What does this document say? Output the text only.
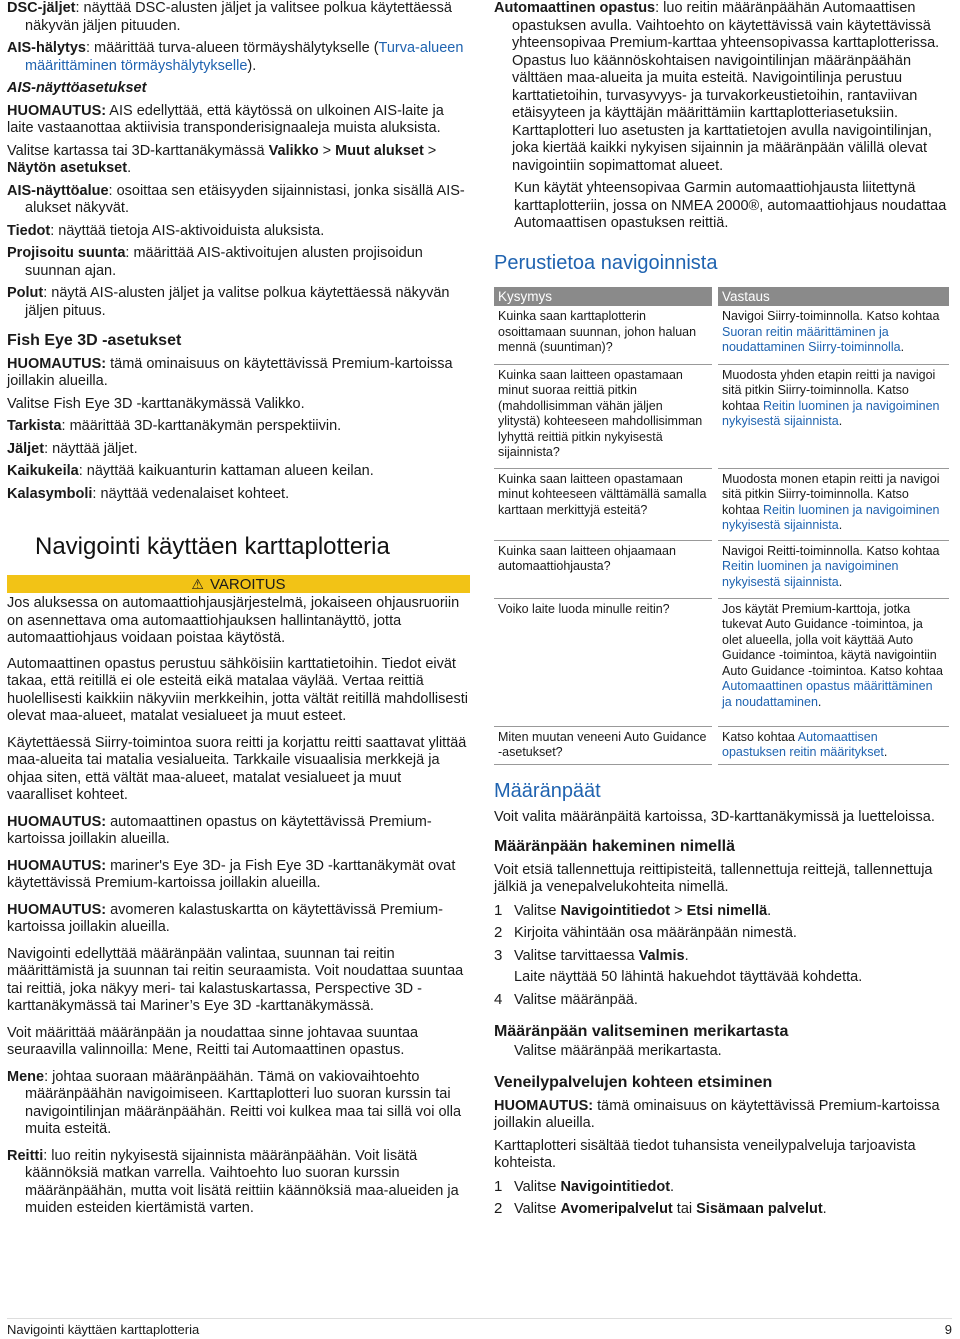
DSC-jäljet: näyttää DSC-alusten jäljet ja valitsee polkua käytettäessä näkyvän jäljen pituuden.

AIS-hälytys: määrittää turva-alueen törmäyshälytykselle (Turva-alueen määrittäminen törmäyshälytykselle).

AIS-näyttöasetukset

HUOMAUTUS: AIS edellyttää, että käytössä on ulkoinen AIS-laite ja laite vastaanottaa aktiivisia transponderisignaaleja muista aluksista.

Valitse kartassa tai 3D-karttanäkymässä Valikko > Muut alukset > Näytön asetukset.

AIS-näyttöalue: osoittaa sen etäisyyden sijainnistasi, jonka sisällä AIS-alukset näkyvät.

Tiedot: näyttää tietoja AIS-aktivoiduista aluksista.

Projisoitu suunta: määrittää AIS-aktivoitujen alusten projisoidun suunnan ajan.

Polut: näytä AIS-alusten jäljet ja valitse polkua käytettäessä näkyvän jäljen pituus.

Fish Eye 3D -asetukset

HUOMAUTUS: tämä ominaisuus on käytettävissä Premium-kartoissa joillakin alueilla.

Valitse Fish Eye 3D -karttanäkymässä Valikko.

Tarkista: määrittää 3D-karttanäkymän perspektiivin.

Jäljet: näyttää jäljet.

Kaikukeila: näyttää kaikuanturin kattaman alueen keilan.

Kalasymboli: näyttää vedenalaiset kohteet.

Navigointi käyttäen karttaplotteria
⚠ VAROITUS

Jos aluksessa on automaattiohjausjärjestelmä, jokaiseen ohjausruoriin on asennettava oma automaattiohjauksen hallintanäyttö, jotta automaattiohjaus voidaan poistaa käytöstä.

Automaattinen opastus perustuu sähköisiin karttatietoihin. Tiedot eivät takaa, että reitillä ei ole esteitä eikä matalaa väylää. Vertaa reittiä huolellisesti kaikkiin näkyviin merkkeihin, jotta vältät reitillä mahdollisesti olevat maa-alueet, matalat vesialueet ja muut esteet.

Käytettäessä Siirry-toimintoa suora reitti ja korjattu reitti saattavat ylittää maa-alueita tai matalia vesialueita. Tarkkaile visuaalisia merkkejä ja ohjaa siten, että vältät maa-alueet, matalat vesialueet ja muut vaaralliset kohteet.

HUOMAUTUS: automaattinen opastus on käytettävissä Premium-kartoissa joillakin alueilla.

HUOMAUTUS: mariner's Eye 3D- ja Fish Eye 3D -karttanäkymät ovat käytettävissä Premium-kartoissa joillakin alueilla.

HUOMAUTUS: avomeren kalastuskartta on käytettävissä Premium-kartoissa joillakin alueilla.

Navigointi edellyttää määränpään valintaa, suunnan tai reitin määrittämistä ja suunnan tai reitin seuraamista. Voit noudattaa suuntaa tai reittiä, joka näkyy meri- tai kalastuskartassa, Perspective 3D -karttanäkymässä tai Mariner’s Eye 3D -karttanäkymässä.

Voit määrittää määränpään ja noudattaa sinne johtavaa suuntaa seuraavilla valinnoilla: Mene, Reitti tai Automaattinen opastus.

Mene: johtaa suoraan määränpäähän. Tämä on vakiovaihtoehto määränpäähän navigoimiseen. Karttaplotteri luo suoran kurssin tai navigointilinjan määränpäähän. Reitti voi kulkea maa tai sillä voi olla muita esteitä.

Reitti: luo reitin nykyisestä sijainnista määränpäähän. Voit lisätä käännöksiä matkan varrella. Vaihtoehto luo suoran kurssin määränpäähän, mutta voit lisätä reittiin käännöksiä maa-alueiden ja muiden esteiden kiertämistä varten.

Automaattinen opastus: luo reitin määränpäähän Automaattisen opastuksen avulla. Vaihtoehto on käytettävissä vain käytettävissä yhteensopivaa Premium-karttaa yhteensopivassa karttaplotterissa. Opastus luo käännöskohtaisen navigointilinjan määränpäähän välttäen maa-alueita ja muita esteitä. Navigointilinja perustuu karttatietoihin, turvasyvyys- ja turvakorkeustietoihin, rantaviivan etäisyyteen ja käyttäjän määrittämiin karttaplotteriasetuksiin. Karttaplotteri luo asetusten ja karttatietojen avulla navigointilinjan, joka kiertää kaikki nykyisen sijainnin ja määränpään välillä olevat navigointiin sopimattomat alueet.

Kun käytät yhteensopivaa Garmin automaattiohjausta liitettynä karttaplotteriin, jossa on NMEA 2000®, automaattiohjaus noudattaa Automaattisen opastuksen reittiä.

Perustietoa navigoinnista
Kysymys	Vastaus
Kuinka saan karttaplotterin osoittamaan suunnan, johon haluan mennä (suuntiman)?	Navigoi Siirry-toiminnolla. Katso kohtaa Suoran reitin määrittäminen ja noudattaminen Siirry-toiminnolla.
Kuinka saan laitteen opastamaan minut suoraa reittiä pitkin (mahdollisimman vähän jäljen ylitystä) kohteeseen mahdollisimman lyhyttä reittiä pitkin nykyisestä sijainnista?	Muodosta yhden etapin reitti ja navigoi sitä pitkin Siirry-toiminnolla. Katso kohtaa Reitin luominen ja navigoiminen nykyisestä sijainnista.
Kuinka saan laitteen opastamaan minut kohteeseen välttämällä samalla karttaan merkittyjä esteitä?	Muodosta monen etapin reitti ja navigoi sitä pitkin Siirry-toiminnolla. Katso kohtaa Reitin luominen ja navigoiminen nykyisestä sijainnista.
Kuinka saan laitteen ohjaamaan automaattiohjausta?	Navigoi Reitti-toiminnolla. Katso kohtaa Reitin luominen ja navigoiminen nykyisestä sijainnista.
Voiko laite luoda minulle reitin?	Jos käytät Premium-karttoja, jotka tukevat Auto Guidance -toimintoa, ja olet alueella, jolla voit käyttää Auto Guidance -toimintoa, käytä navigointiin Auto Guidance -toimintoa. Katso kohtaa Automaattinen opastus määrittäminen ja noudattaminen.
Miten muutan veneeni Auto Guidance -asetukset?	Katso kohtaa Automaattisen opastuksen reitin määritykset.
Määränpäät

Voit valita määränpäitä kartoissa, 3D-karttanäkymissä ja luetteloissa.

Määränpään hakeminen nimellä

Voit etsiä tallennettuja reittipisteitä, tallennettuja reittejä, tallennettuja jälkiä ja venepalvelukohteita nimellä.

1 Valitse Navigointitiedot > Etsi nimellä.
2 Kirjoita vähintään osa määränpään nimestä.
3 Valitse tarvittaessa Valmis.
Laite näyttää 50 lähintä hakuehdot täyttävää kohdetta.
4 Valitse määränpää.
Määränpään valitseminen merikartasta

Valitse määränpää merikartasta.

Veneilypalvelujen kohteen etsiminen

HUOMAUTUS: tämä ominaisuus on käytettävissä Premium-kartoissa joillakin alueilla.

Karttaplotteri sisältää tiedot tuhansista veneilypalveluja tarjoavista kohteista.

1 Valitse Navigointitiedot.
2 Valitse Avomeripalvelut tai Sisämaan palvelut.
Navigointi käyttäen karttaplotteria	9
